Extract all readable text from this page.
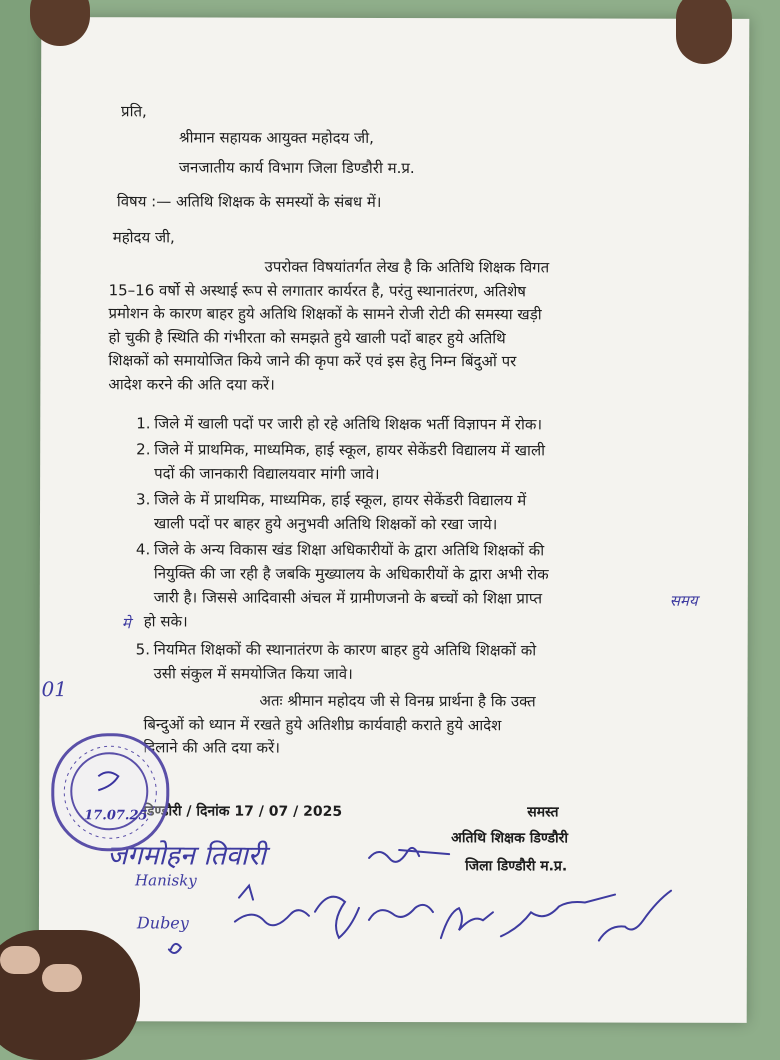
प्रति,
श्रीमान सहायक आयुक्त महोदय जी,
जनजातीय कार्य विभाग जिला डिण्डौरी म.प्र.
विषय :— अतिथि शिक्षक के समस्यों के संबध में।
महोदय जी,
उपरोक्त विषयांतर्गत लेख है कि अतिथि शिक्षक विगत
15–16 वर्षो से अस्थाई रूप से लगातार कार्यरत है, परंतु स्थानातंरण, अतिशेष
प्रमोशन के कारण बाहर हुये अतिथि शिक्षकों के सामने रोजी रोटी की समस्या खड़ी
हो चुकी है स्थिति की गंभीरता को समझते हुये खाली पदों बाहर हुये अतिथि
शिक्षकों को समायोजित किये जाने की कृपा करें एवं इस हेतु निम्न बिंदुओं पर
आदेश करने की अति दया करें।
1. जिले में खाली पदों पर जारी हो रहे अतिथि शिक्षक भर्ती विज्ञापन में रोक।
2. जिले में प्राथमिक, माध्यमिक, हाई स्कूल, हायर सेकेंडरी विद्यालय में खाली
पदों की जानकारी विद्यालयवार मांगी जावे।
3. जिले के में प्राथमिक, माध्यमिक, हाई स्कूल, हायर सेकेंडरी विद्यालय में
खाली पदों पर बाहर हुये अनुभवी अतिथि शिक्षकों को रखा जाये।
4. जिले के अन्य विकास खंड शिक्षा अधिकारीयों के द्वारा अतिथि शिक्षकों की
नियुक्ति की जा रही है जबकि मुख्यालय के अधिकारीयों के द्वारा अभी रोक
जारी है। जिससे आदिवासी अंचल में ग्रामीणजनो के बच्चों को शिक्षा प्राप्त
हो सके।
5. नियमित शिक्षकों की स्थानातंरण के कारण बाहर हुये अतिथि शिक्षकों को
उसी संकुल में समयोजित किया जावे।
समय
मे
01	अतः श्रीमान महोदय जी से विनम्र प्रार्थना है कि उक्त
बिन्दुओं को ध्यान में रखते हुये अतिशीघ्र कार्यवाही कराते हुये आदेश
दिलाने की अति दया करें।
डिण्डौरी / दिनांक 17 / 07 / 2025	समस्त
अतिथि शिक्षक डिण्डौरी
जिला डिण्डौरी म.प्र.
जगमोहन तिवारी
Hanisky
Dubey
17.07.25
